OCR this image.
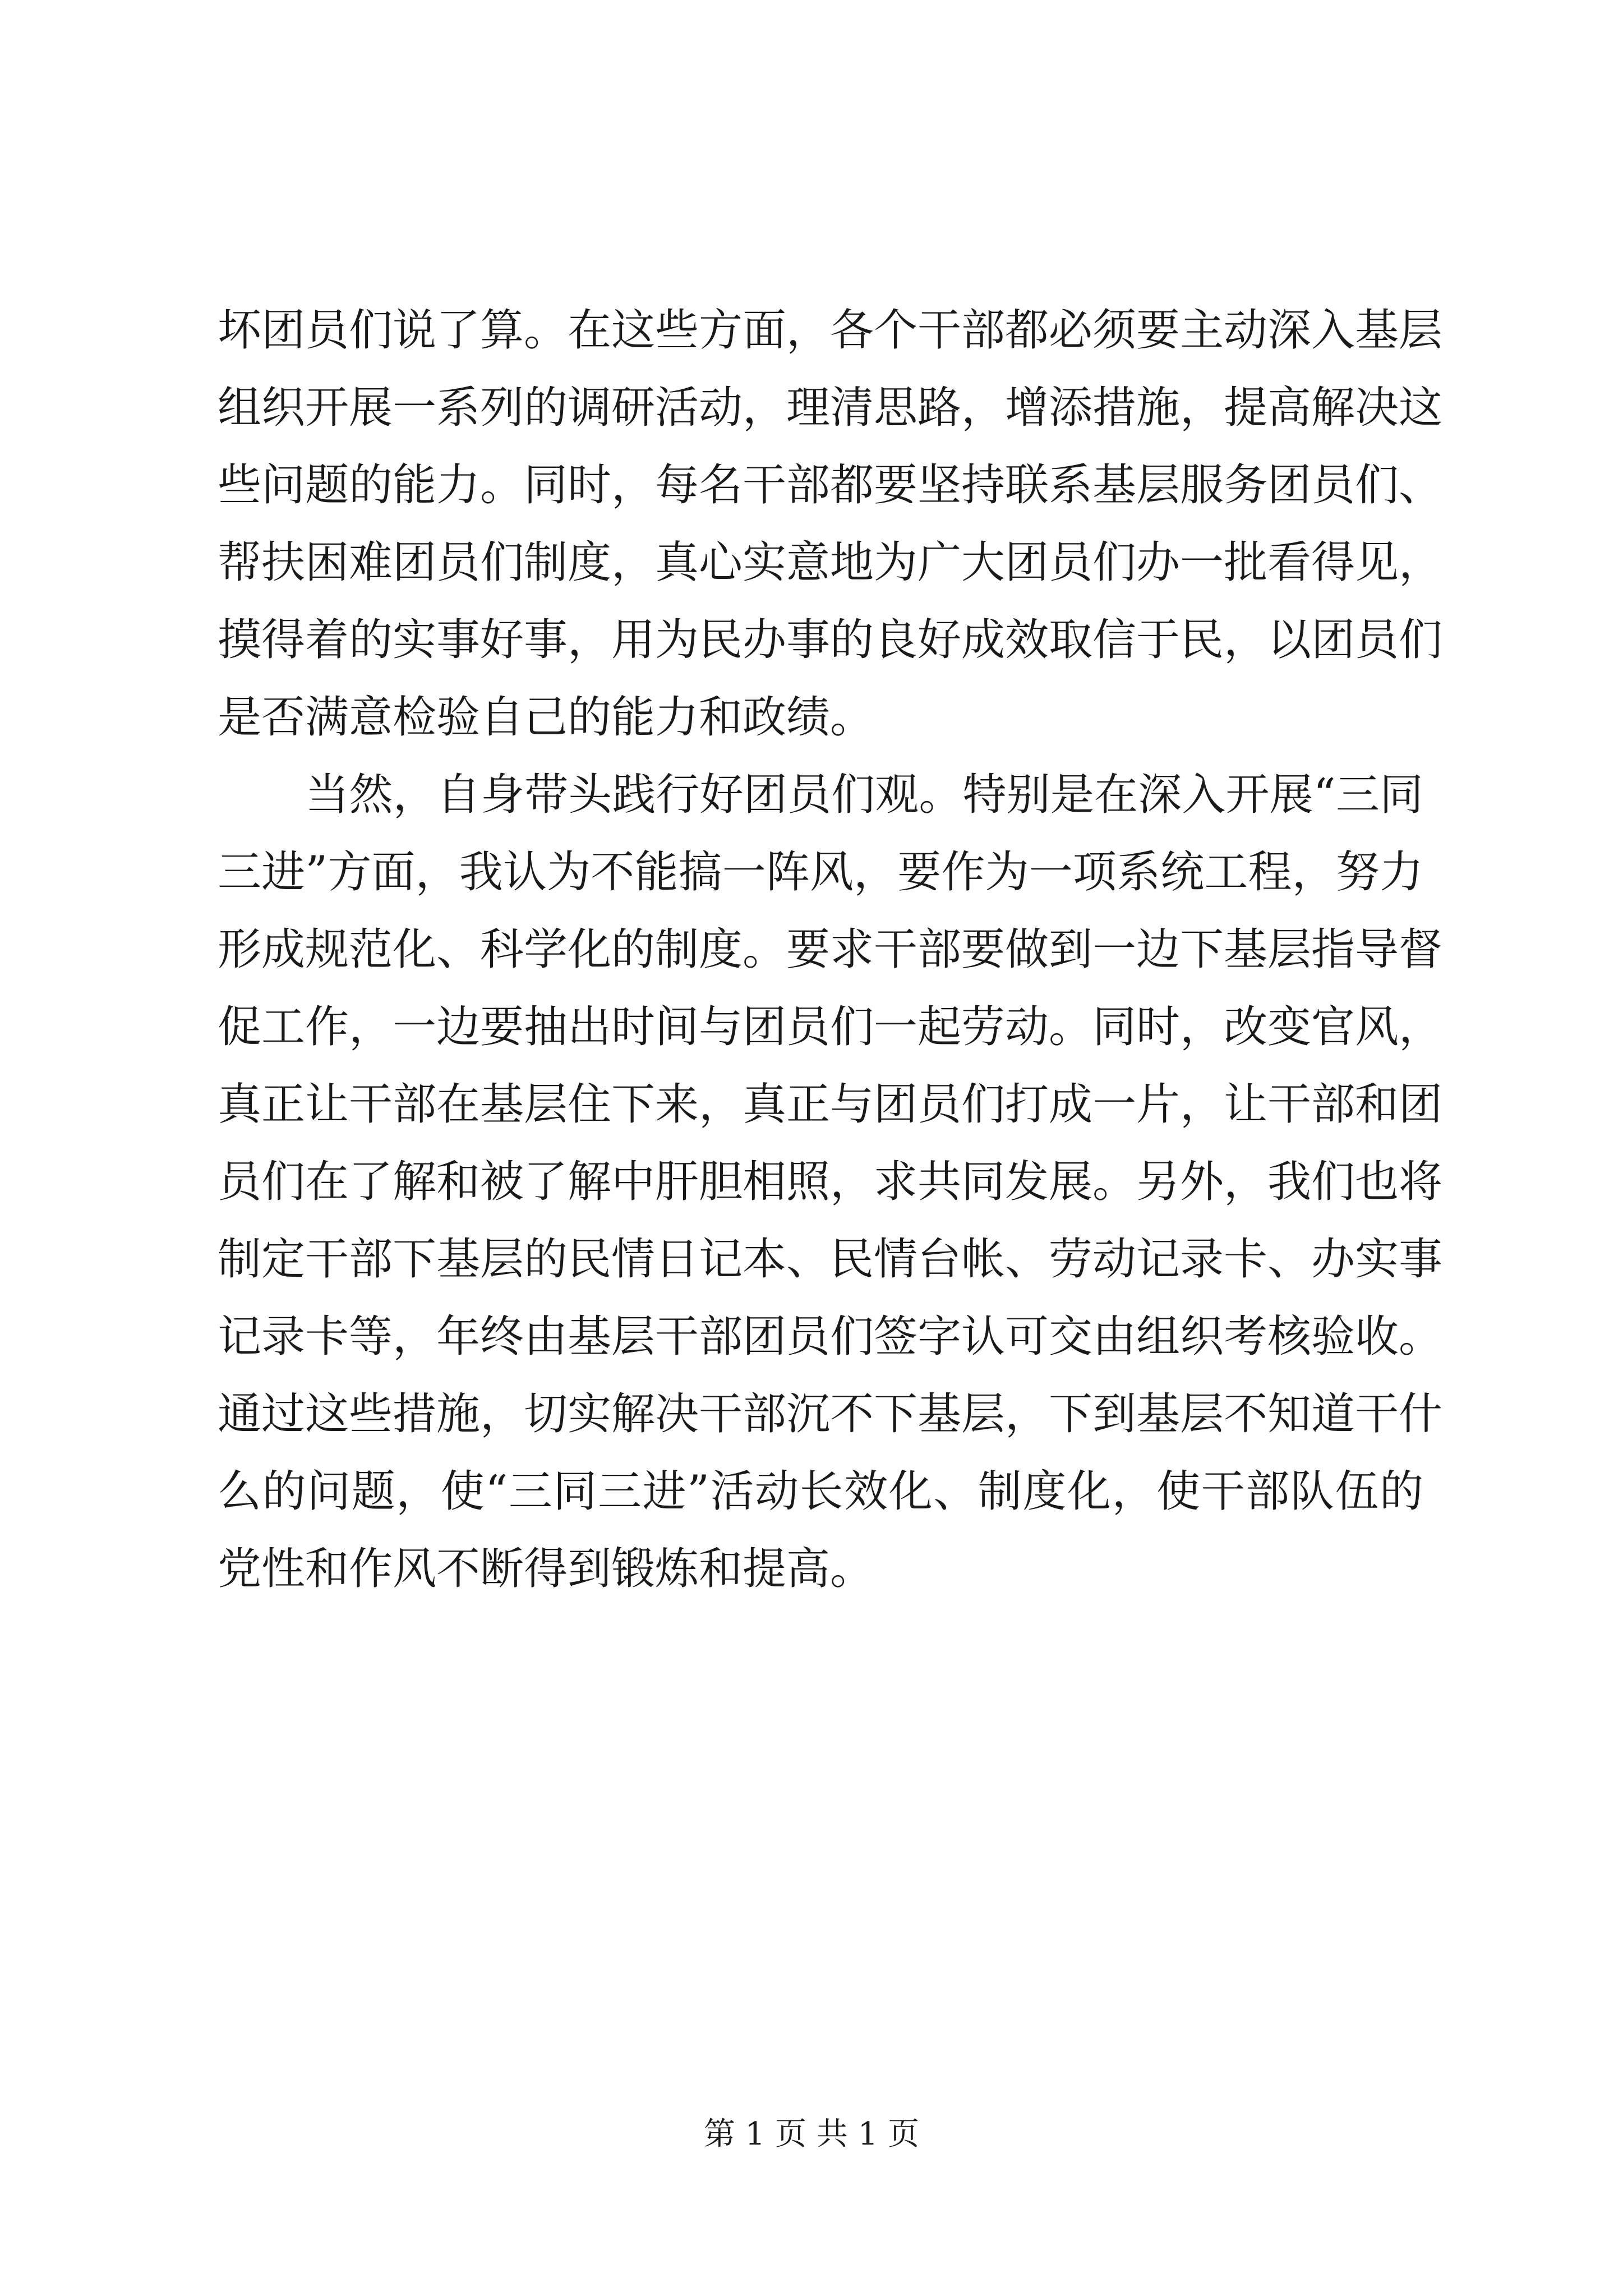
坏团员们说了算。在这些方面，各个干部都必须要主动深入基层
组织开展一系列的调研活动，理清思路，增添措施，提高解决这
些问题的能力。同时，每名干部都要坚持联系基层服务团员们、
帮扶困难团员们制度，真心实意地为广大团员们办一批看得见，
摸得着的实事好事，用为民办事的良好成效取信于民，以团员们
是否满意检验自己的能力和政绩。
　　当然，自身带头践行好团员们观。特别是在深入开展“三同
三进”方面，我认为不能搞一阵风，要作为一项系统工程，努力
形成规范化、科学化的制度。要求干部要做到一边下基层指导督
促工作，一边要抽出时间与团员们一起劳动。同时，改变官风，
真正让干部在基层住下来，真正与团员们打成一片，让干部和团
员们在了解和被了解中肝胆相照，求共同发展。另外，我们也将
制定干部下基层的民情日记本、民情台帐、劳动记录卡、办实事
记录卡等，年终由基层干部团员们签字认可交由组织考核验收。
通过这些措施，切实解决干部沉不下基层，下到基层不知道干什
么的问题，使“三同三进”活动长效化、制度化，使干部队伍的
党性和作风不断得到锻炼和提高。
第 1 页 共 1 页
